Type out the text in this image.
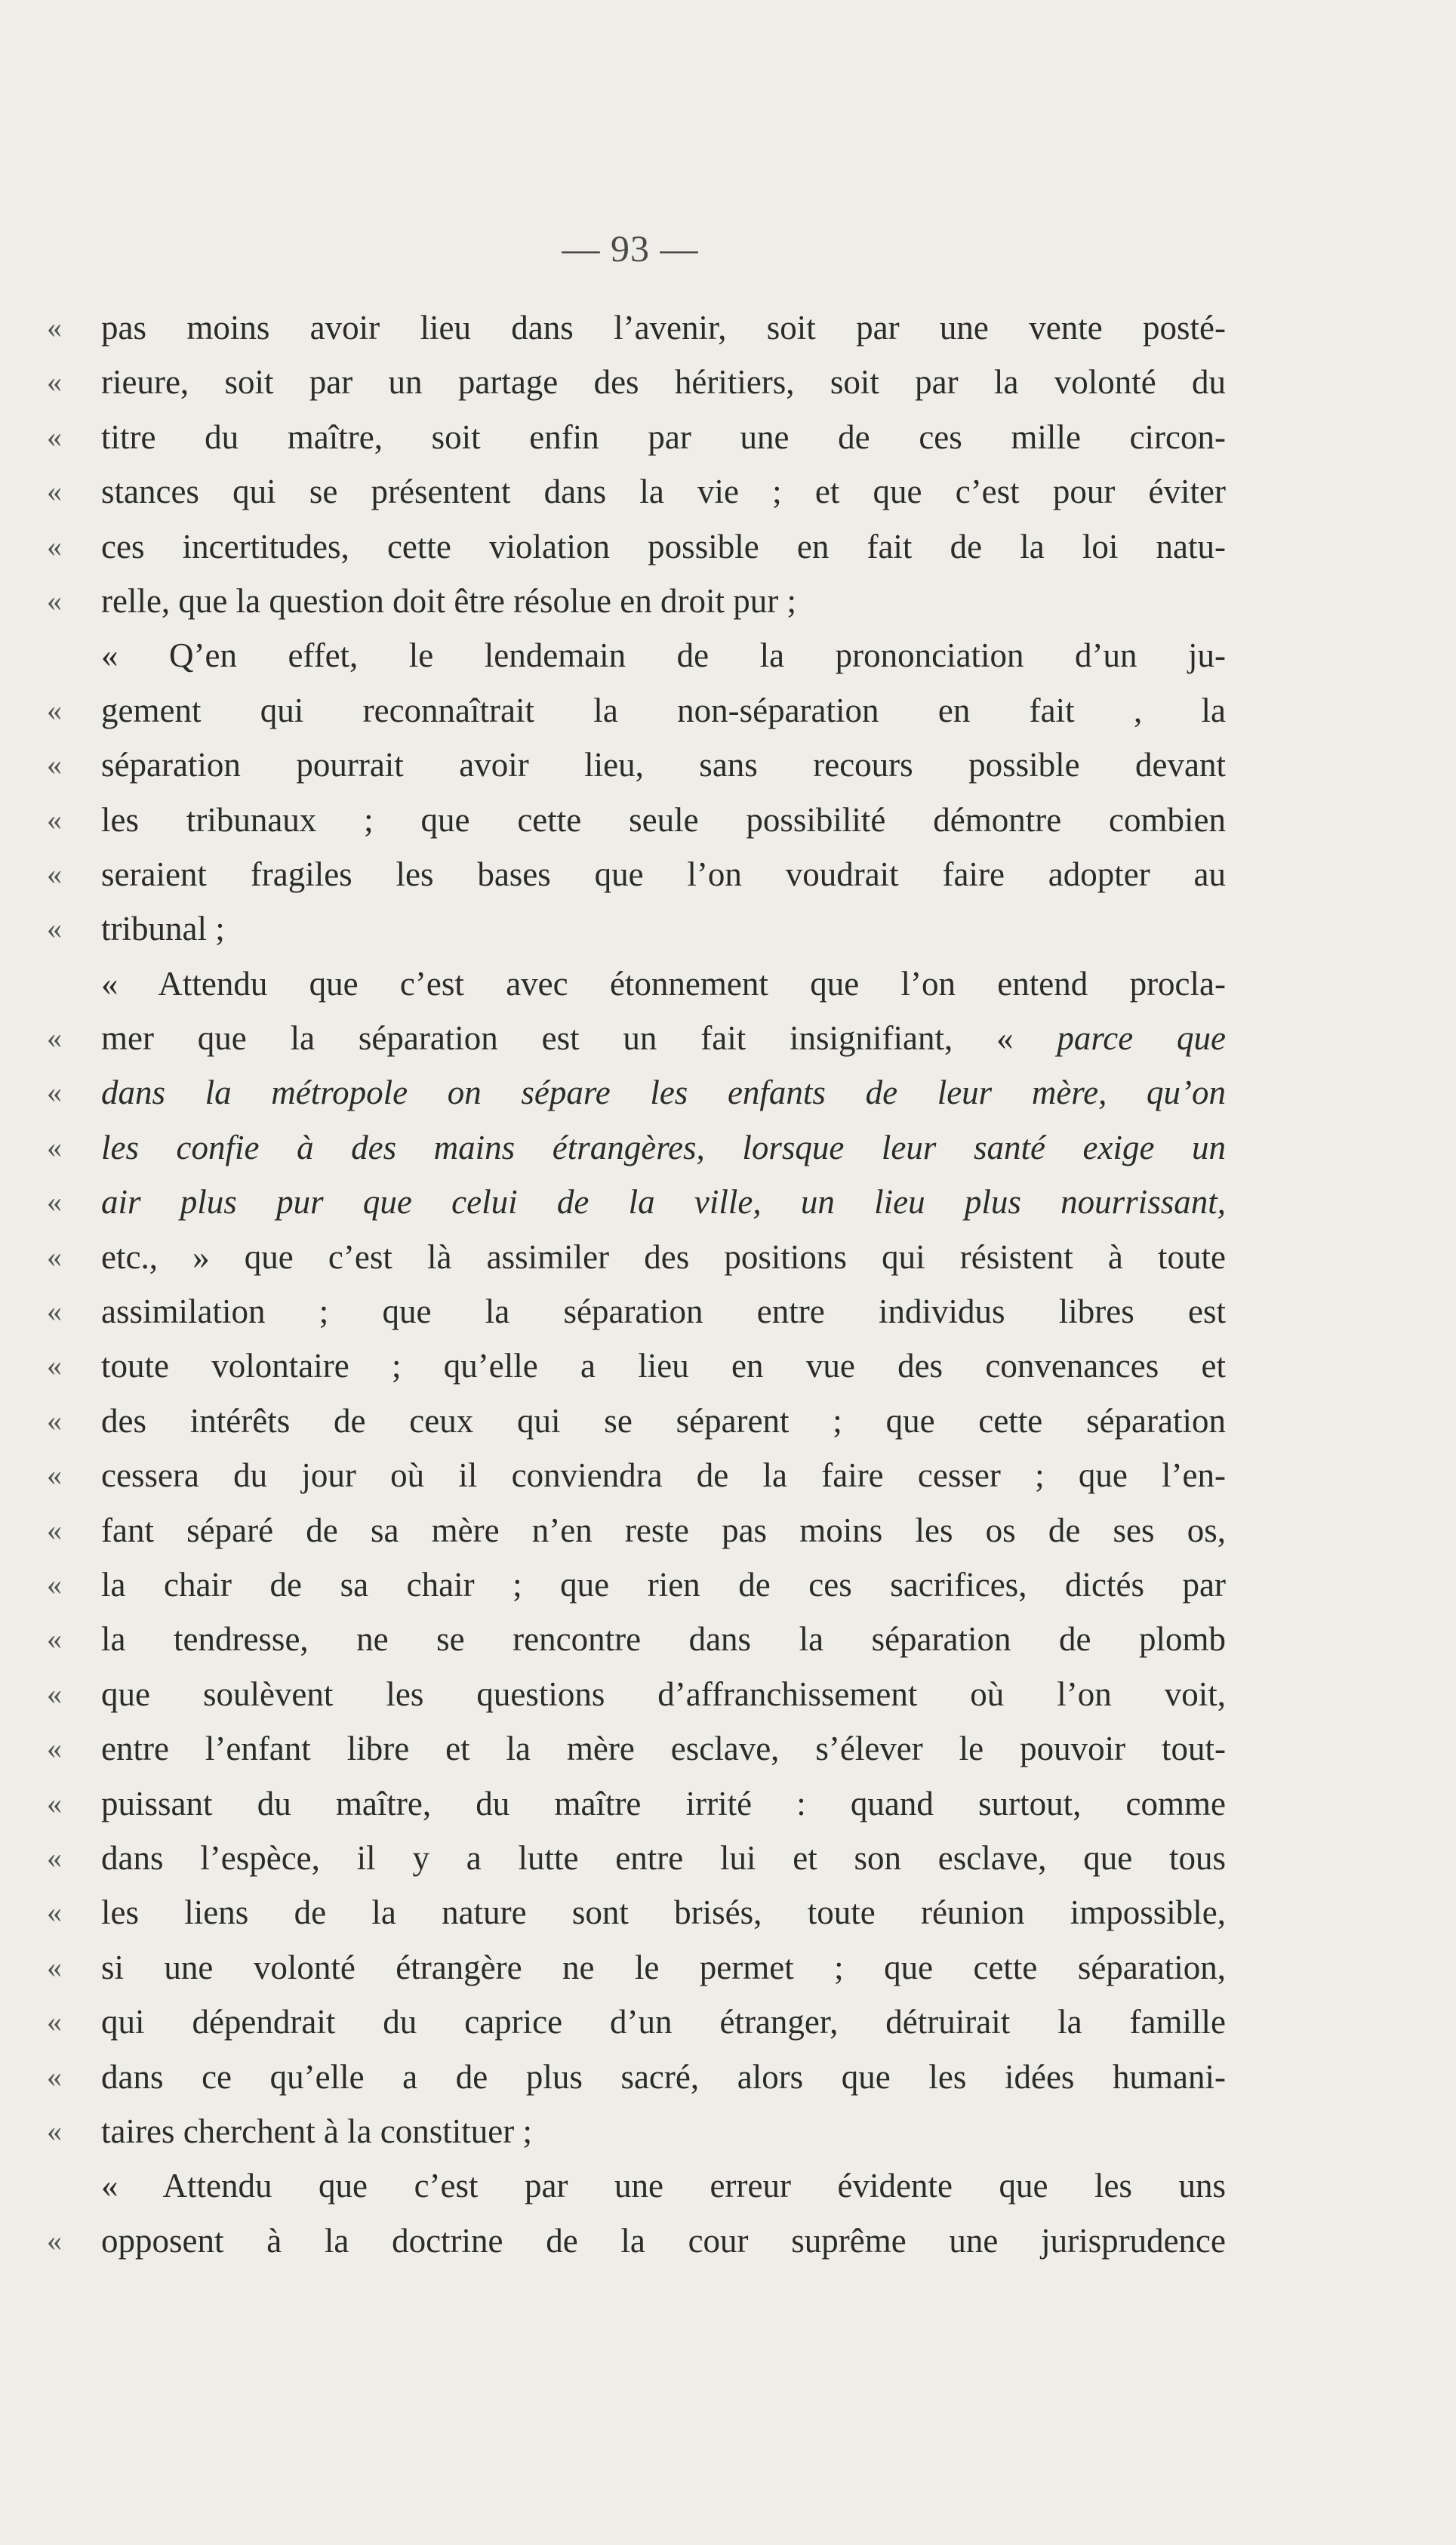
— 93 —
« pas moins avoir lieu dans l’avenir, soit par une vente posté-
« rieure, soit par un partage des héritiers, soit par la volonté du
« titre du maître, soit enfin par une de ces mille circon-
« stances qui se présentent dans la vie ; et que c’est pour éviter
« ces incertitudes, cette violation possible en fait de la loi natu-
« relle, que la question doit être résolue en droit pur ;
« Q’en effet, le lendemain de la prononciation d’un ju-
« gement qui reconnaîtrait la non-séparation en fait , la
« séparation pourrait avoir lieu, sans recours possible devant
« les tribunaux ; que cette seule possibilité démontre combien
« seraient fragiles les bases que l’on voudrait faire adopter au
« tribunal ;
« Attendu que c’est avec étonnement que l’on entend procla-
« mer que la séparation est un fait insignifiant, « parce que
« dans la métropole on sépare les enfants de leur mère, qu’on
« les confie à des mains étrangères, lorsque leur santé exige un
« air plus pur que celui de la ville, un lieu plus nourrissant,
« etc., » que c’est là assimiler des positions qui résistent à toute
« assimilation ; que la séparation entre individus libres est
« toute volontaire ; qu’elle a lieu en vue des convenances et
« des intérêts de ceux qui se séparent ; que cette séparation
« cessera du jour où il conviendra de la faire cesser ; que l’en-
« fant séparé de sa mère n’en reste pas moins les os de ses os,
« la chair de sa chair ; que rien de ces sacrifices, dictés par
« la tendresse, ne se rencontre dans la séparation de plomb
« que soulèvent les questions d’affranchissement où l’on voit,
« entre l’enfant libre et la mère esclave, s’élever le pouvoir tout-
« puissant du maître, du maître irrité : quand surtout, comme
« dans l’espèce, il y a lutte entre lui et son esclave, que tous
« les liens de la nature sont brisés, toute réunion impossible,
« si une volonté étrangère ne le permet ; que cette séparation,
« qui dépendrait du caprice d’un étranger, détruirait la famille
« dans ce qu’elle a de plus sacré, alors que les idées humani-
« taires cherchent à la constituer ;
« Attendu que c’est par une erreur évidente que les uns
« opposent à la doctrine de la cour suprême une jurisprudence
